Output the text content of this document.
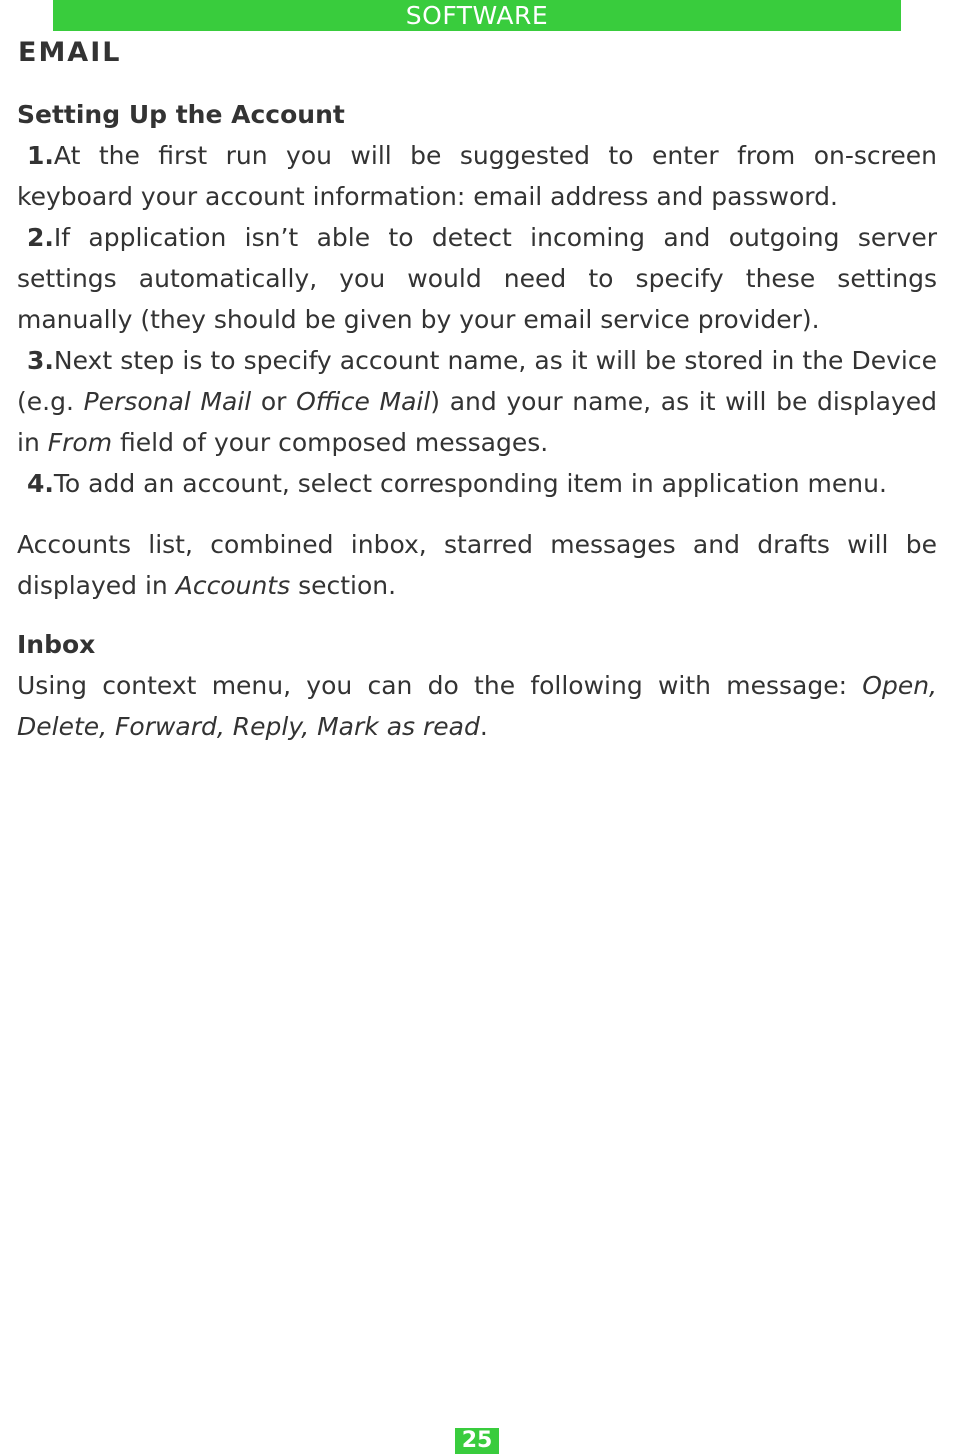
SOFTWARE
EMAIL
Setting Up the Account
1.At the first run you will be suggested to enter from on-screen keyboard your account information: email address and password.
2.If application isn’t able to detect incoming and outgoing server settings automatically, you would need to specify these settings manually (they should be given by your email service provider).
3.Next step is to specify account name, as it will be stored in the Device (e.g. Personal Mail or Office Mail) and your name, as it will be displayed in From field of your composed messages.
4.To add an account, select corresponding item in application menu.

Accounts list, combined inbox, starred messages and drafts will be displayed in Accounts section.

Inbox

Using context menu, you can do the following with message: Open, Delete, Forward, Reply, Mark as read.

25
